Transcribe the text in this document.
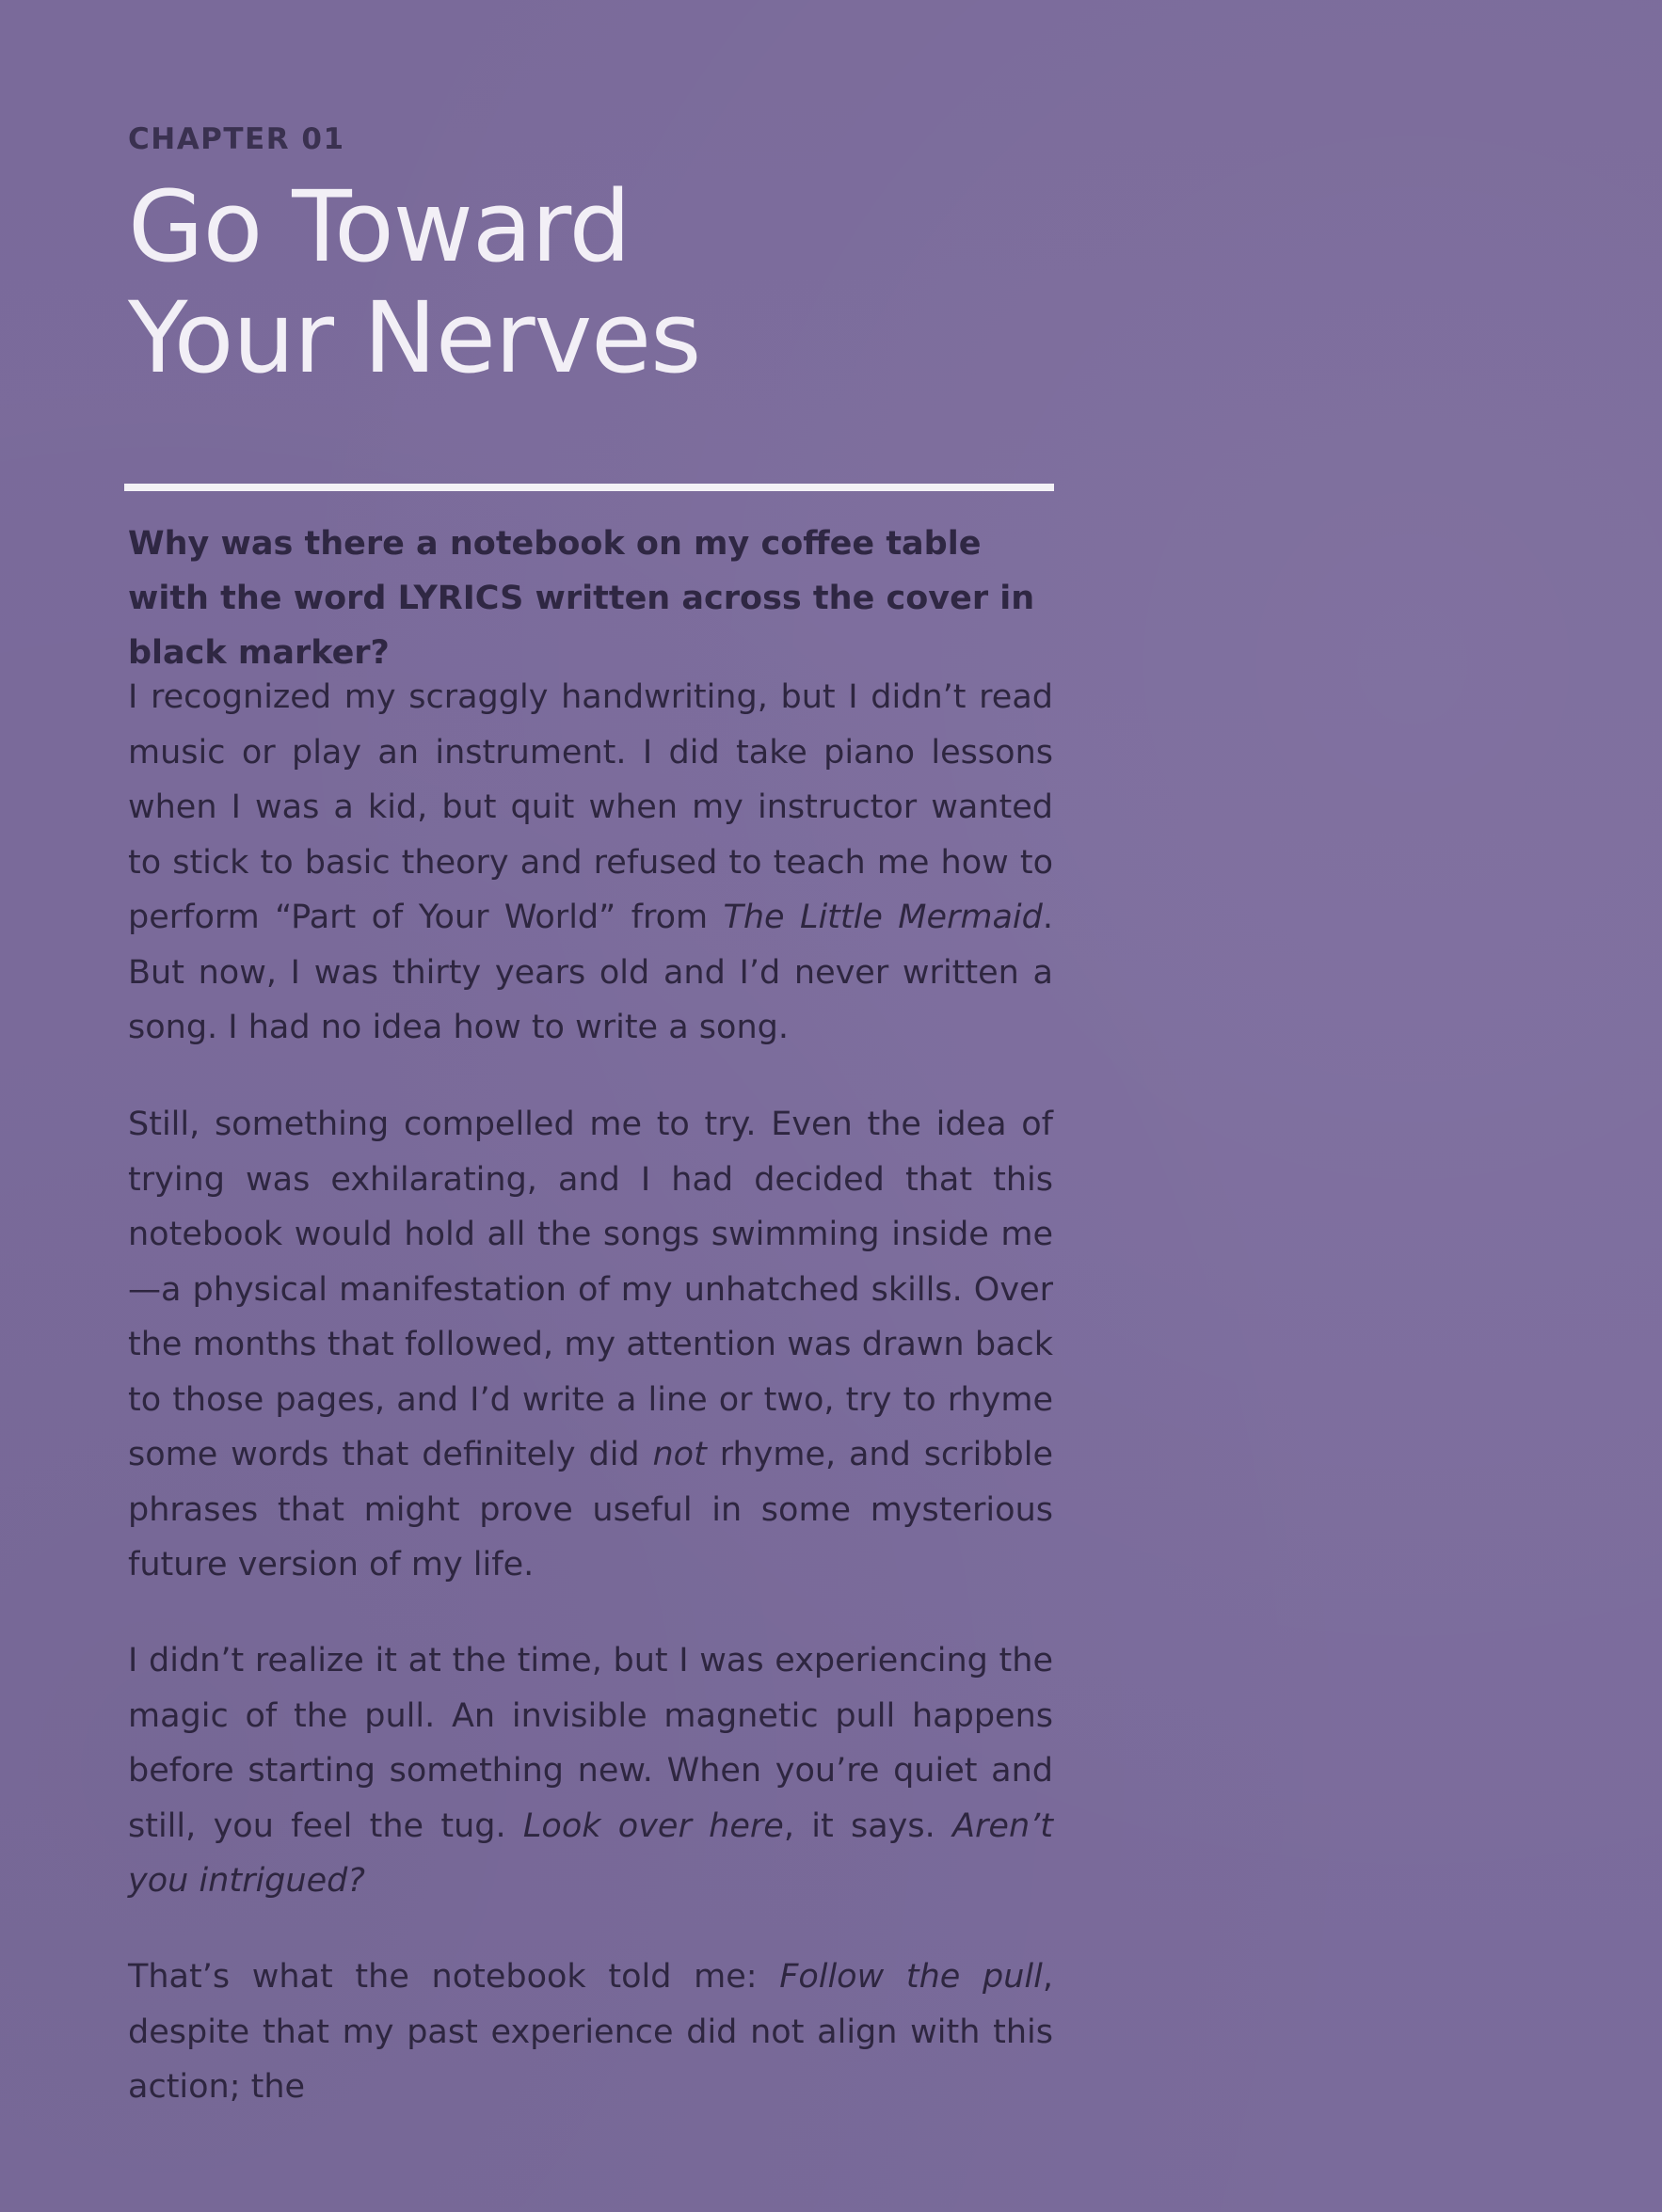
CHAPTER 01

Go Toward
Your Nerves

Why was there a notebook on my coffee table with the word LYRICS written across the cover in black marker?

I recognized my scraggly handwriting, but I didn’t read music or play an instrument. I did take piano lessons when I was a kid, but quit when my instructor wanted to stick to basic theory and refused to teach me how to perform “Part of Your World” from The Little Mermaid. But now, I was thirty years old and I’d never written a song. I had no idea how to write a song.

Still, something compelled me to try. Even the idea of trying was exhilarating, and I had decided that this notebook would hold all the songs swimming inside me—a physical manifestation of my unhatched skills. Over the months that followed, my attention was drawn back to those pages, and I’d write a line or two, try to rhyme some words that definitely did not rhyme, and scribble phrases that might prove useful in some mysterious future version of my life.

I didn’t realize it at the time, but I was experiencing the magic of the pull. An invisible magnetic pull happens before starting something new. When you’re quiet and still, you feel the tug. Look over here, it says. Aren’t you intrigued?

That’s what the notebook told me: Follow the pull, despite that my past experience did not align with this action; the
